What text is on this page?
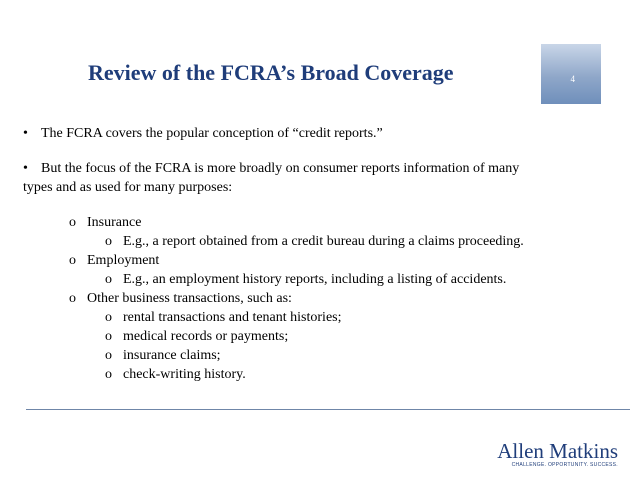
Review of the FCRA’s Broad Coverage	4

• The FCRA covers the popular conception of “credit reports.”

• But the focus of the FCRA is more broadly on consumer reports information of many

types and as used for many purposes:

o Insurance

o E.g., a report obtained from a credit bureau during a claims proceeding.

o Employment

o E.g., an employment history reports, including a listing of accidents.

o Other business transactions, such as:

o rental transactions and tenant histories;

o medical records or payments;

o insurance claims;

o check-writing history.

Allen Matkins
CHALLENGE. OPPORTUNITY. SUCCESS.
